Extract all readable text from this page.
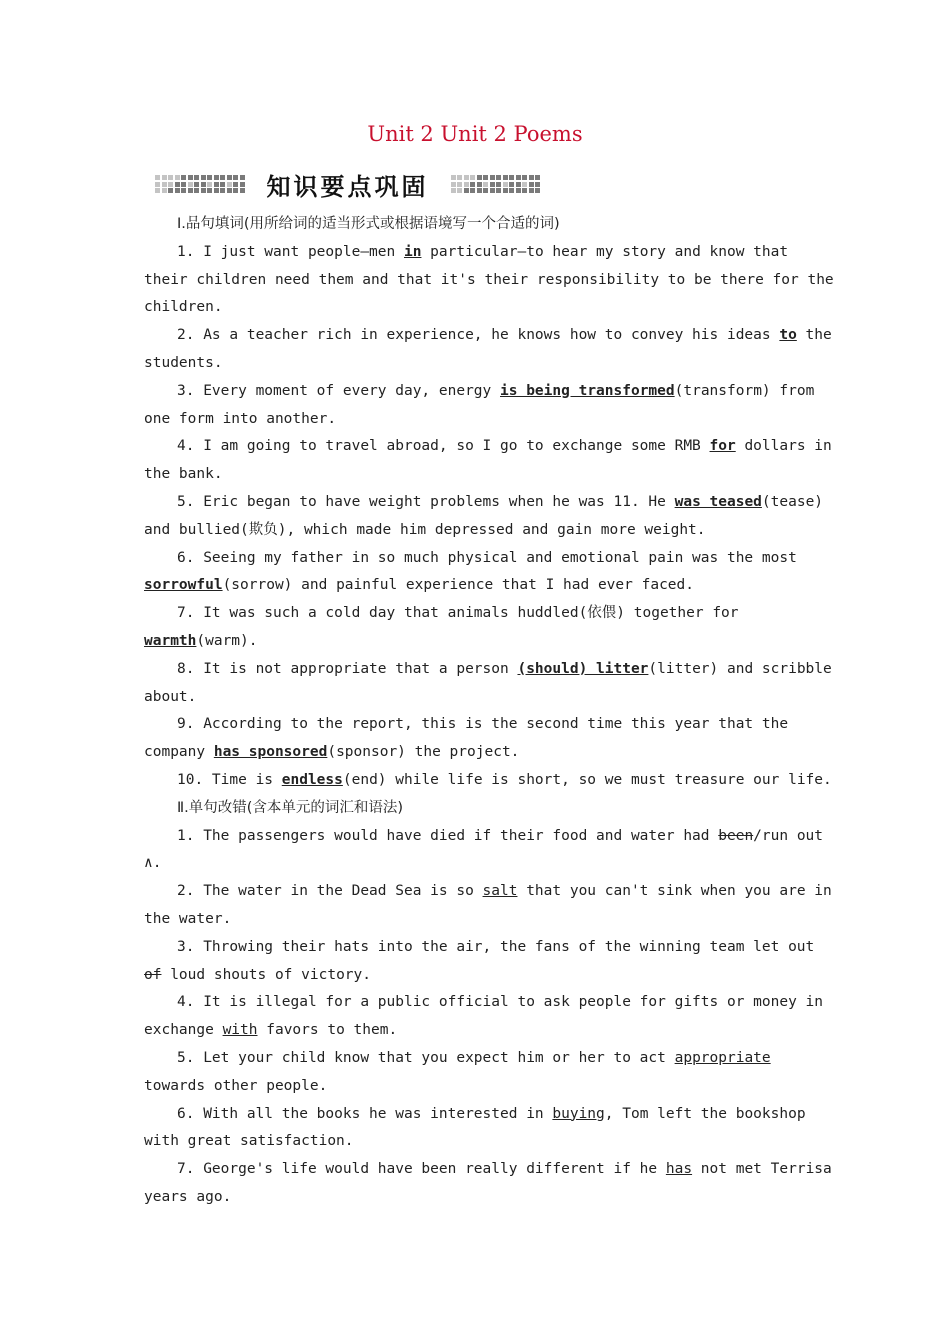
Unit 2 Unit 2 Poems
知识要点巩固
Ⅰ.品句填词(用所给词的适当形式或根据语境写一个合适的词)
1. I just want people—men in particular—to hear my story and know that
their children need them and that it's their responsibility to be there for the
children.
2. As a teacher rich in experience, he knows how to convey his ideas to the
students.
3. Every moment of every day, energy is being transformed(transform) from
one form into another.
4. I am going to travel abroad, so I go to exchange some RMB for dollars in
the bank.
5. Eric began to have weight problems when he was 11. He was teased(tease)
and bullied(欺负), which made him depressed and gain more weight.
6. Seeing my father in so much physical and emotional pain was the most
sorrowful(sorrow) and painful experience that I had ever faced.
7. It was such a cold day that animals huddled(依偎) together for
warmth(warm).
8. It is not appropriate that a person (should) litter(litter) and scribble
about.
9. According to the report, this is the second time this year that the
company has sponsored(sponsor) the project.
10. Time is endless(end) while life is short, so we must treasure our life.
Ⅱ.单句改错(含本单元的词汇和语法)
1. The passengers would have died if their food and water had been/run out
∧.
2. The water in the Dead Sea is so salt that you can't sink when you are in
the water.
3. Throwing their hats into the air, the fans of the winning team let out
of loud shouts of victory.
4. It is illegal for a public official to ask people for gifts or money in
exchange with favors to them.
5. Let your child know that you expect him or her to act appropriate
towards other people.
6. With all the books he was interested in buying, Tom left the bookshop
with great satisfaction.
7. George's life would have been really different if he has not met Terrisa
years ago.
